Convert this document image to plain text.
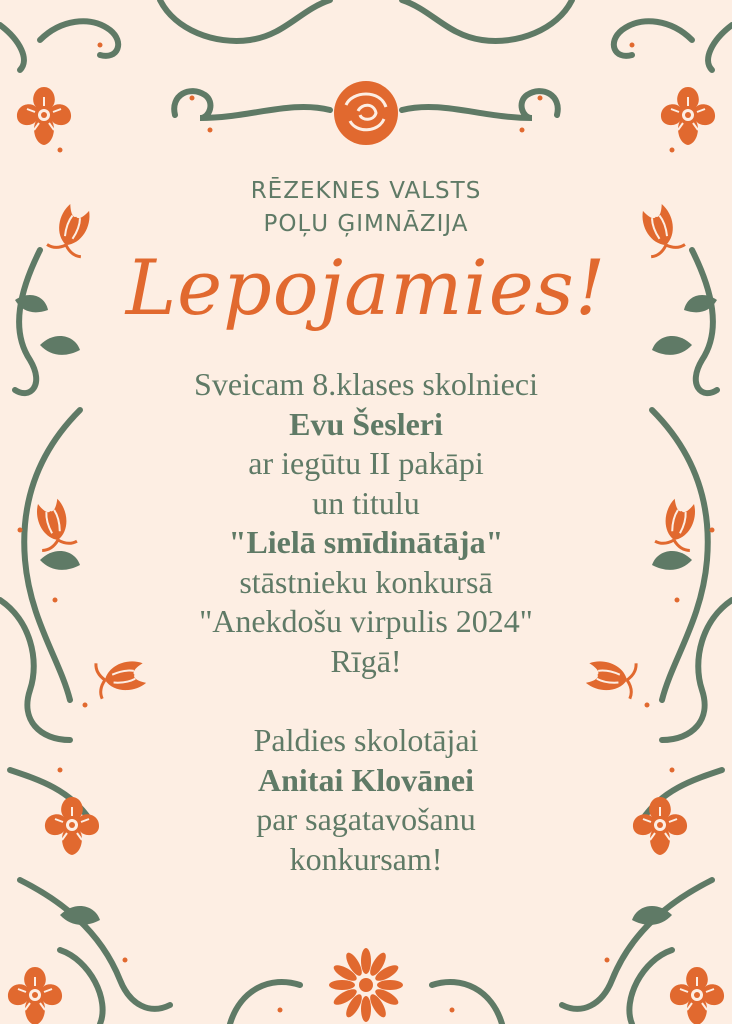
RĒZEKNES VALSTS
POĻU ĢIMNĀZIJA
Lepojamies!
Sveicam 8.klases skolnieci
Evu Šesleri
ar iegūtu II pakāpi
un titulu
"Lielā smīdinātāja"
stāstnieku konkursā
"Anekdošu virpulis 2024"
Rīgā!
Paldies skolotājai
Anitai Klovānei
par sagatavošanu
konkursam!
